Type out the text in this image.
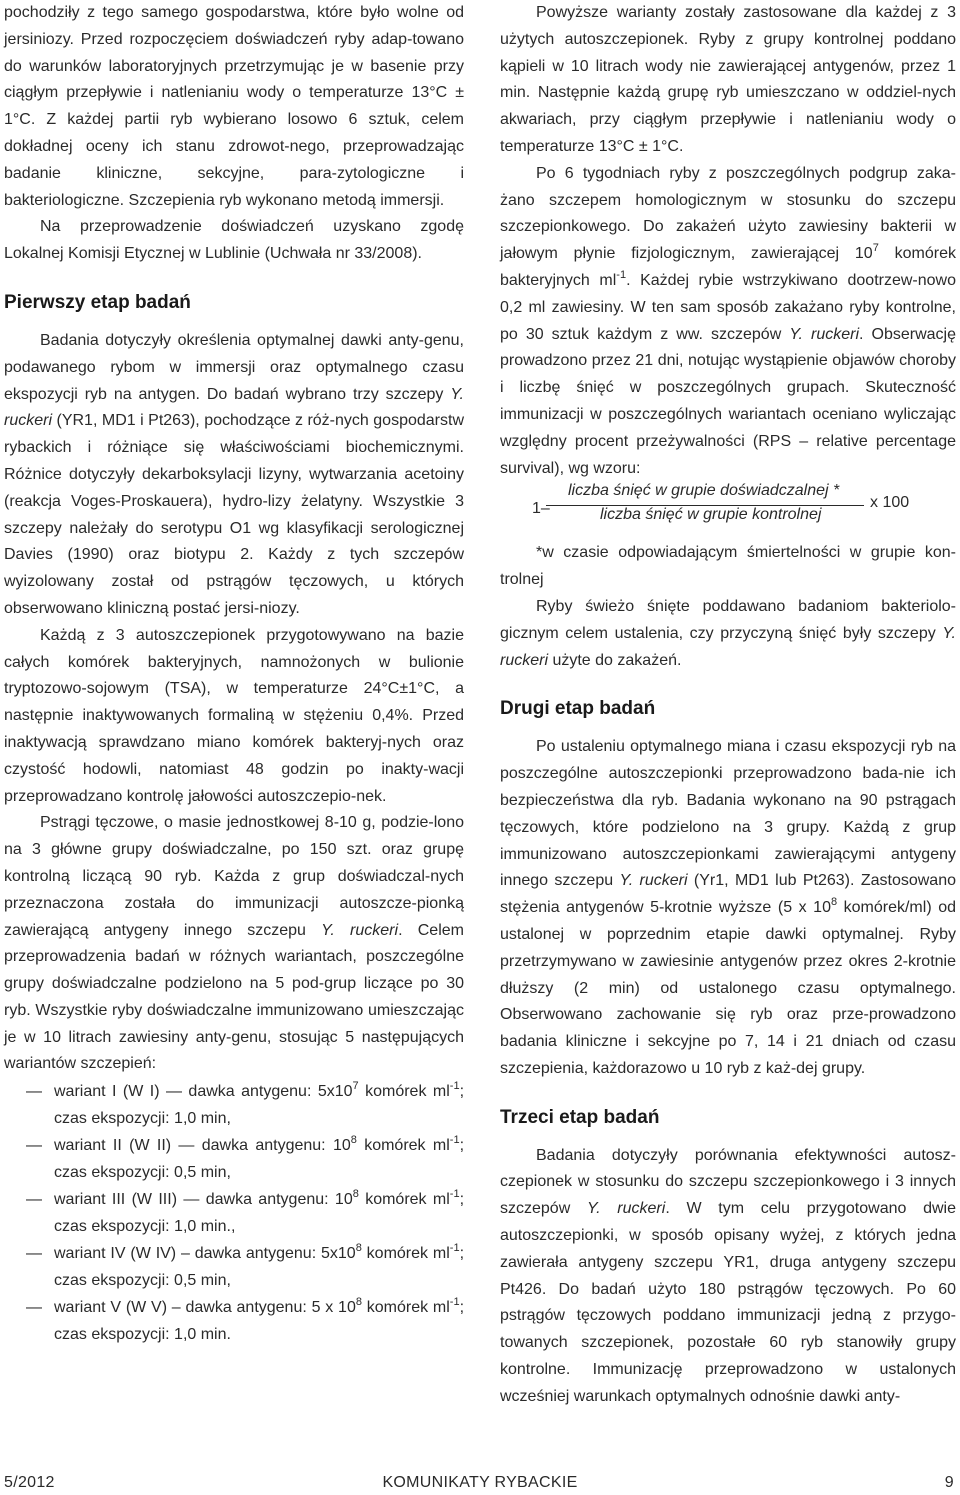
pochodziły z tego samego gospodarstwa, które było wolne od jersiniozy. Przed rozpoczęciem doświadczeń ryby adap-towano do warunków laboratoryjnych przetrzymując je w basenie przy ciągłym przepływie i natlenianiu wody o temperaturze 13°C ± 1°C. Z każdej partii ryb wybierano losowo 6 sztuk, celem dokładnej oceny ich stanu zdrowot-nego, przeprowadzając badanie kliniczne, sekcyjne, para-zytologiczne i bakteriologiczne. Szczepienia ryb wykonano metodą immersji.

Na przeprowadzenie doświadczeń uzyskano zgodę Lokalnej Komisji Etycznej w Lublinie (Uchwała nr 33/2008).

Pierwszy etap badań

Badania dotyczyły określenia optymalnej dawki anty-genu, podawanego rybom w immersji oraz optymalnego czasu ekspozycji ryb na antygen. Do badań wybrano trzy szczepy Y. ruckeri (YR1, MD1 i Pt263), pochodzące z róż-nych gospodarstw rybackich i różniące się właściwościami biochemicznymi. Różnice dotyczyły dekarboksylacji lizyny, wytwarzania acetoiny (reakcja Voges-Proskauera), hydro-lizy żelatyny. Wszystkie 3 szczepy należały do serotypu O1 wg klasyfikacji serologicznej Davies (1990) oraz biotypu 2. Każdy z tych szczepów wyizolowany został od pstrągów tęczowych, u których obserwowano kliniczną postać jersi-niozy.

Każdą z 3 autoszczepionek przygotowywano na bazie całych komórek bakteryjnych, namnożonych w bulionie tryptozowo-sojowym (TSA), w temperaturze 24°C±1°C, a następnie inaktywowanych formaliną w stężeniu 0,4%. Przed inaktywacją sprawdzano miano komórek bakteryj-nych oraz czystość hodowli, natomiast 48 godzin po inakty-wacji przeprowadzano kontrolę jałowości autoszczepio-nek.

Pstrągi tęczowe, o masie jednostkowej 8-10 g, podzie-lono na 3 główne grupy doświadczalne, po 150 szt. oraz grupę kontrolną liczącą 90 ryb. Każda z grup doświadczal-nych przeznaczona została do immunizacji autoszcze-pionką zawierającą antygeny innego szczepu Y. ruckeri. Celem przeprowadzenia badań w różnych wariantach, poszczególne grupy doświadczalne podzielono na 5 pod-grup liczące po 30 ryb. Wszystkie ryby doświadczalne immunizowano umieszczając je w 10 litrach zawiesiny anty-genu, stosując 5 następujących wariantów szczepień:

— wariant I (W I) — dawka antygenu: $5x10^7$ komórek $ml^{-1}$; czas ekspozycji: 1,0 min,
— wariant II (W II) — dawka antygenu: $10^8$ komórek $ml^{-1}$; czas ekspozycji: 0,5 min,
— wariant III (W III) — dawka antygenu: $10^8$ komórek $ml^{-1}$; czas ekspozycji: 1,0 min.,
— wariant IV (W IV) – dawka antygenu: $5x10^8$ komórek $ml^{-1}$; czas ekspozycji: 0,5 min,
— wariant V (W V) – dawka antygenu: 5 x $10^8$ komórek $ml^{-1}$; czas ekspozycji: 1,0 min.

Powyższe warianty zostały zastosowane dla każdej z 3 użytych autoszczepionek. Ryby z grupy kontrolnej poddano kąpieli w 10 litrach wody nie zawierającej antygenów, przez 1 min. Następnie każdą grupę ryb umieszczano w oddziel-nych akwariach, przy ciągłym przepływie i natlenianiu wody o temperaturze 13°C ± 1°C.

Po 6 tygodniach ryby z poszczególnych podgrup zaka-żano szczepem homologicznym w stosunku do szczepu szczepionkowego. Do zakażeń użyto zawiesiny bakterii w jałowym płynie fizjologicznym, zawierającej $10^7$ komórek bakteryjnych $ml^{-1}$. Każdej rybie wstrzykiwano dootrzew-nowo 0,2 ml zawiesiny. W ten sam sposób zakażano ryby kontrolne, po 30 sztuk każdym z ww. szczepów Y. ruckeri. Obserwację prowadzono przez 21 dni, notując wystąpienie objawów choroby i liczbę śnięć w poszczególnych grupach. Skuteczność immunizacji w poszczególnych wariantach oceniano wyliczając względny procent przeżywalności (RPS – relative percentage survival), wg wzoru:

1–
liczba śnięć w grupie doświadczalnej *
liczba śnięć w grupie kontrolnej
x 100

*w czasie odpowiadającym śmiertelności w grupie kon-trolnej

Ryby świeżo śnięte poddawano badaniom bakteriolo-gicznym celem ustalenia, czy przyczyną śnięć były szczepy Y. ruckeri użyte do zakażeń.

Drugi etap badań

Po ustaleniu optymalnego miana i czasu ekspozycji ryb na poszczególne autoszczepionki przeprowadzono bada-nie ich bezpieczeństwa dla ryb. Badania wykonano na 90 pstrągach tęczowych, które podzielono na 3 grupy. Każdą z grup immunizowano autoszczepionkami zawierającymi antygeny innego szczepu Y. ruckeri (Yr1, MD1 lub Pt263). Zastosowano stężenia antygenów 5-krotnie wyższe (5 x $10^8$ komórek/ml) od ustalonej w poprzednim etapie dawki optymalnej. Ryby przetrzymywano w zawiesinie antygenów przez okres 2-krotnie dłuższy (2 min) od ustalonego czasu optymalnego. Obserwowano zachowanie się ryb oraz prze-prowadzono badania kliniczne i sekcyjne po 7, 14 i 21 dniach od czasu szczepienia, każdorazowo u 10 ryb z każ-dej grupy.

Trzeci etap badań

Badania dotyczyły porównania efektywności autosz-czepionek w stosunku do szczepu szczepionkowego i 3 innych szczepów Y. ruckeri. W tym celu przygotowano dwie autoszczepionki, w sposób opisany wyżej, z których jedna zawierała antygeny szczepu YR1, druga antygeny szczepu Pt426. Do badań użyto 180 pstrągów tęczowych. Po 60 pstrągów tęczowych poddano immunizacji jedną z przygo-towanych szczepionek, pozostałe 60 ryb stanowiły grupy kontrolne. Immunizację przeprowadzono w ustalonych wcześniej warunkach optymalnych odnośnie dawki anty-

5/2012	KOMUNIKATY RYBACKIE	9
